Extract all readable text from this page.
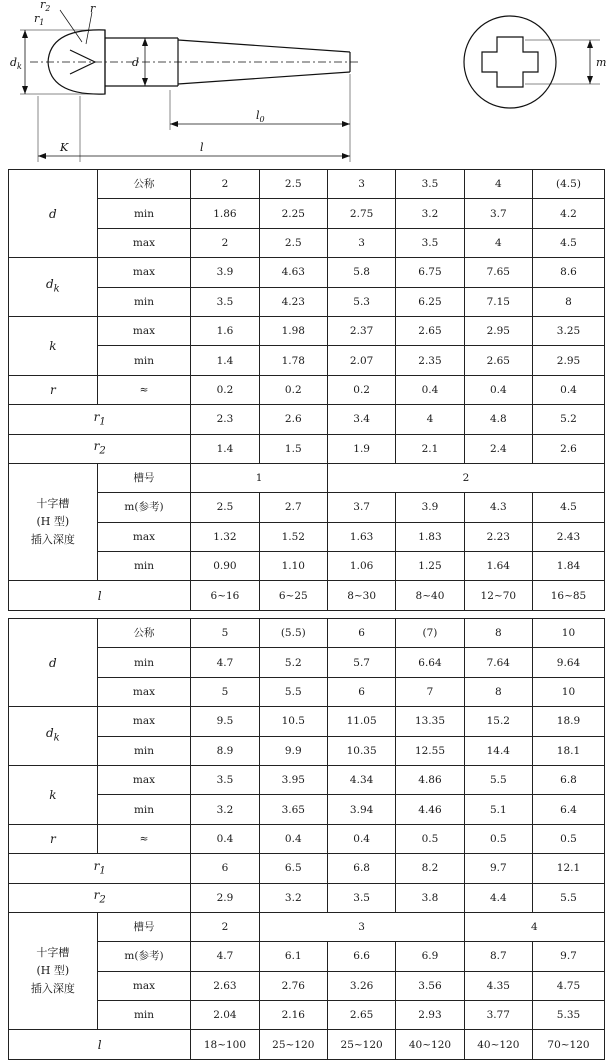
$d_k$
$r_1$
$r_2$	r
d
$l_0$
l
K
m
d	公称	2	2.5	3	3.5	4	(4.5)
	min	1.86	2.25	2.75	3.2	3.7	4.2
	max	2	2.5	3	3.5	4	4.5
$d_k$	max	3.9	4.63	5.8	6.75	7.65	8.6
	min	3.5	4.23	5.3	6.25	7.15	8
k	max	1.6	1.98	2.37	2.65	2.95	3.25
	min	1.4	1.78	2.07	2.35	2.65	2.95
r	≈	0.2	0.2	0.2	0.4	0.4	0.4
$r_1$		2.3	2.6	3.4	4	4.8	5.2
$r_2$		1.4	1.5	1.9	2.1	2.4	2.6
十字槽
(H 型)
插入深度	槽号	1		2			
	m(参考)	2.5	2.7	3.7	3.9	4.3	4.5
	max	1.32	1.52	1.63	1.83	2.23	2.43
	min	0.90	1.10	1.06	1.25	1.64	1.84
l		6~16	6~25	8~30	8~40	12~70	16~85
d	公称	5	(5.5)	6	(7)	8	10
	min	4.7	5.2	5.7	6.64	7.64	9.64
	max	5	5.5	6	7	8	10
$d_k$	max	9.5	10.5	11.05	13.35	15.2	18.9
	min	8.9	9.9	10.35	12.55	14.4	18.1
k	max	3.5	3.95	4.34	4.86	5.5	6.8
	min	3.2	3.65	3.94	4.46	5.1	6.4
r	≈	0.4	0.4	0.4	0.5	0.5	0.5
$r_1$		6	6.5	6.8	8.2	9.7	12.1
$r_2$		2.9	3.2	3.5	3.8	4.4	5.5
十字槽
(H 型)
插入深度	槽号	2	3			4	
	m(参考)	4.7	6.1	6.6	6.9	8.7	9.7
	max	2.63	2.76	3.26	3.56	4.35	4.75
	min	2.04	2.16	2.65	2.93	3.77	5.35
l		18~100	25~120	25~120	40~120	40~120	70~120
